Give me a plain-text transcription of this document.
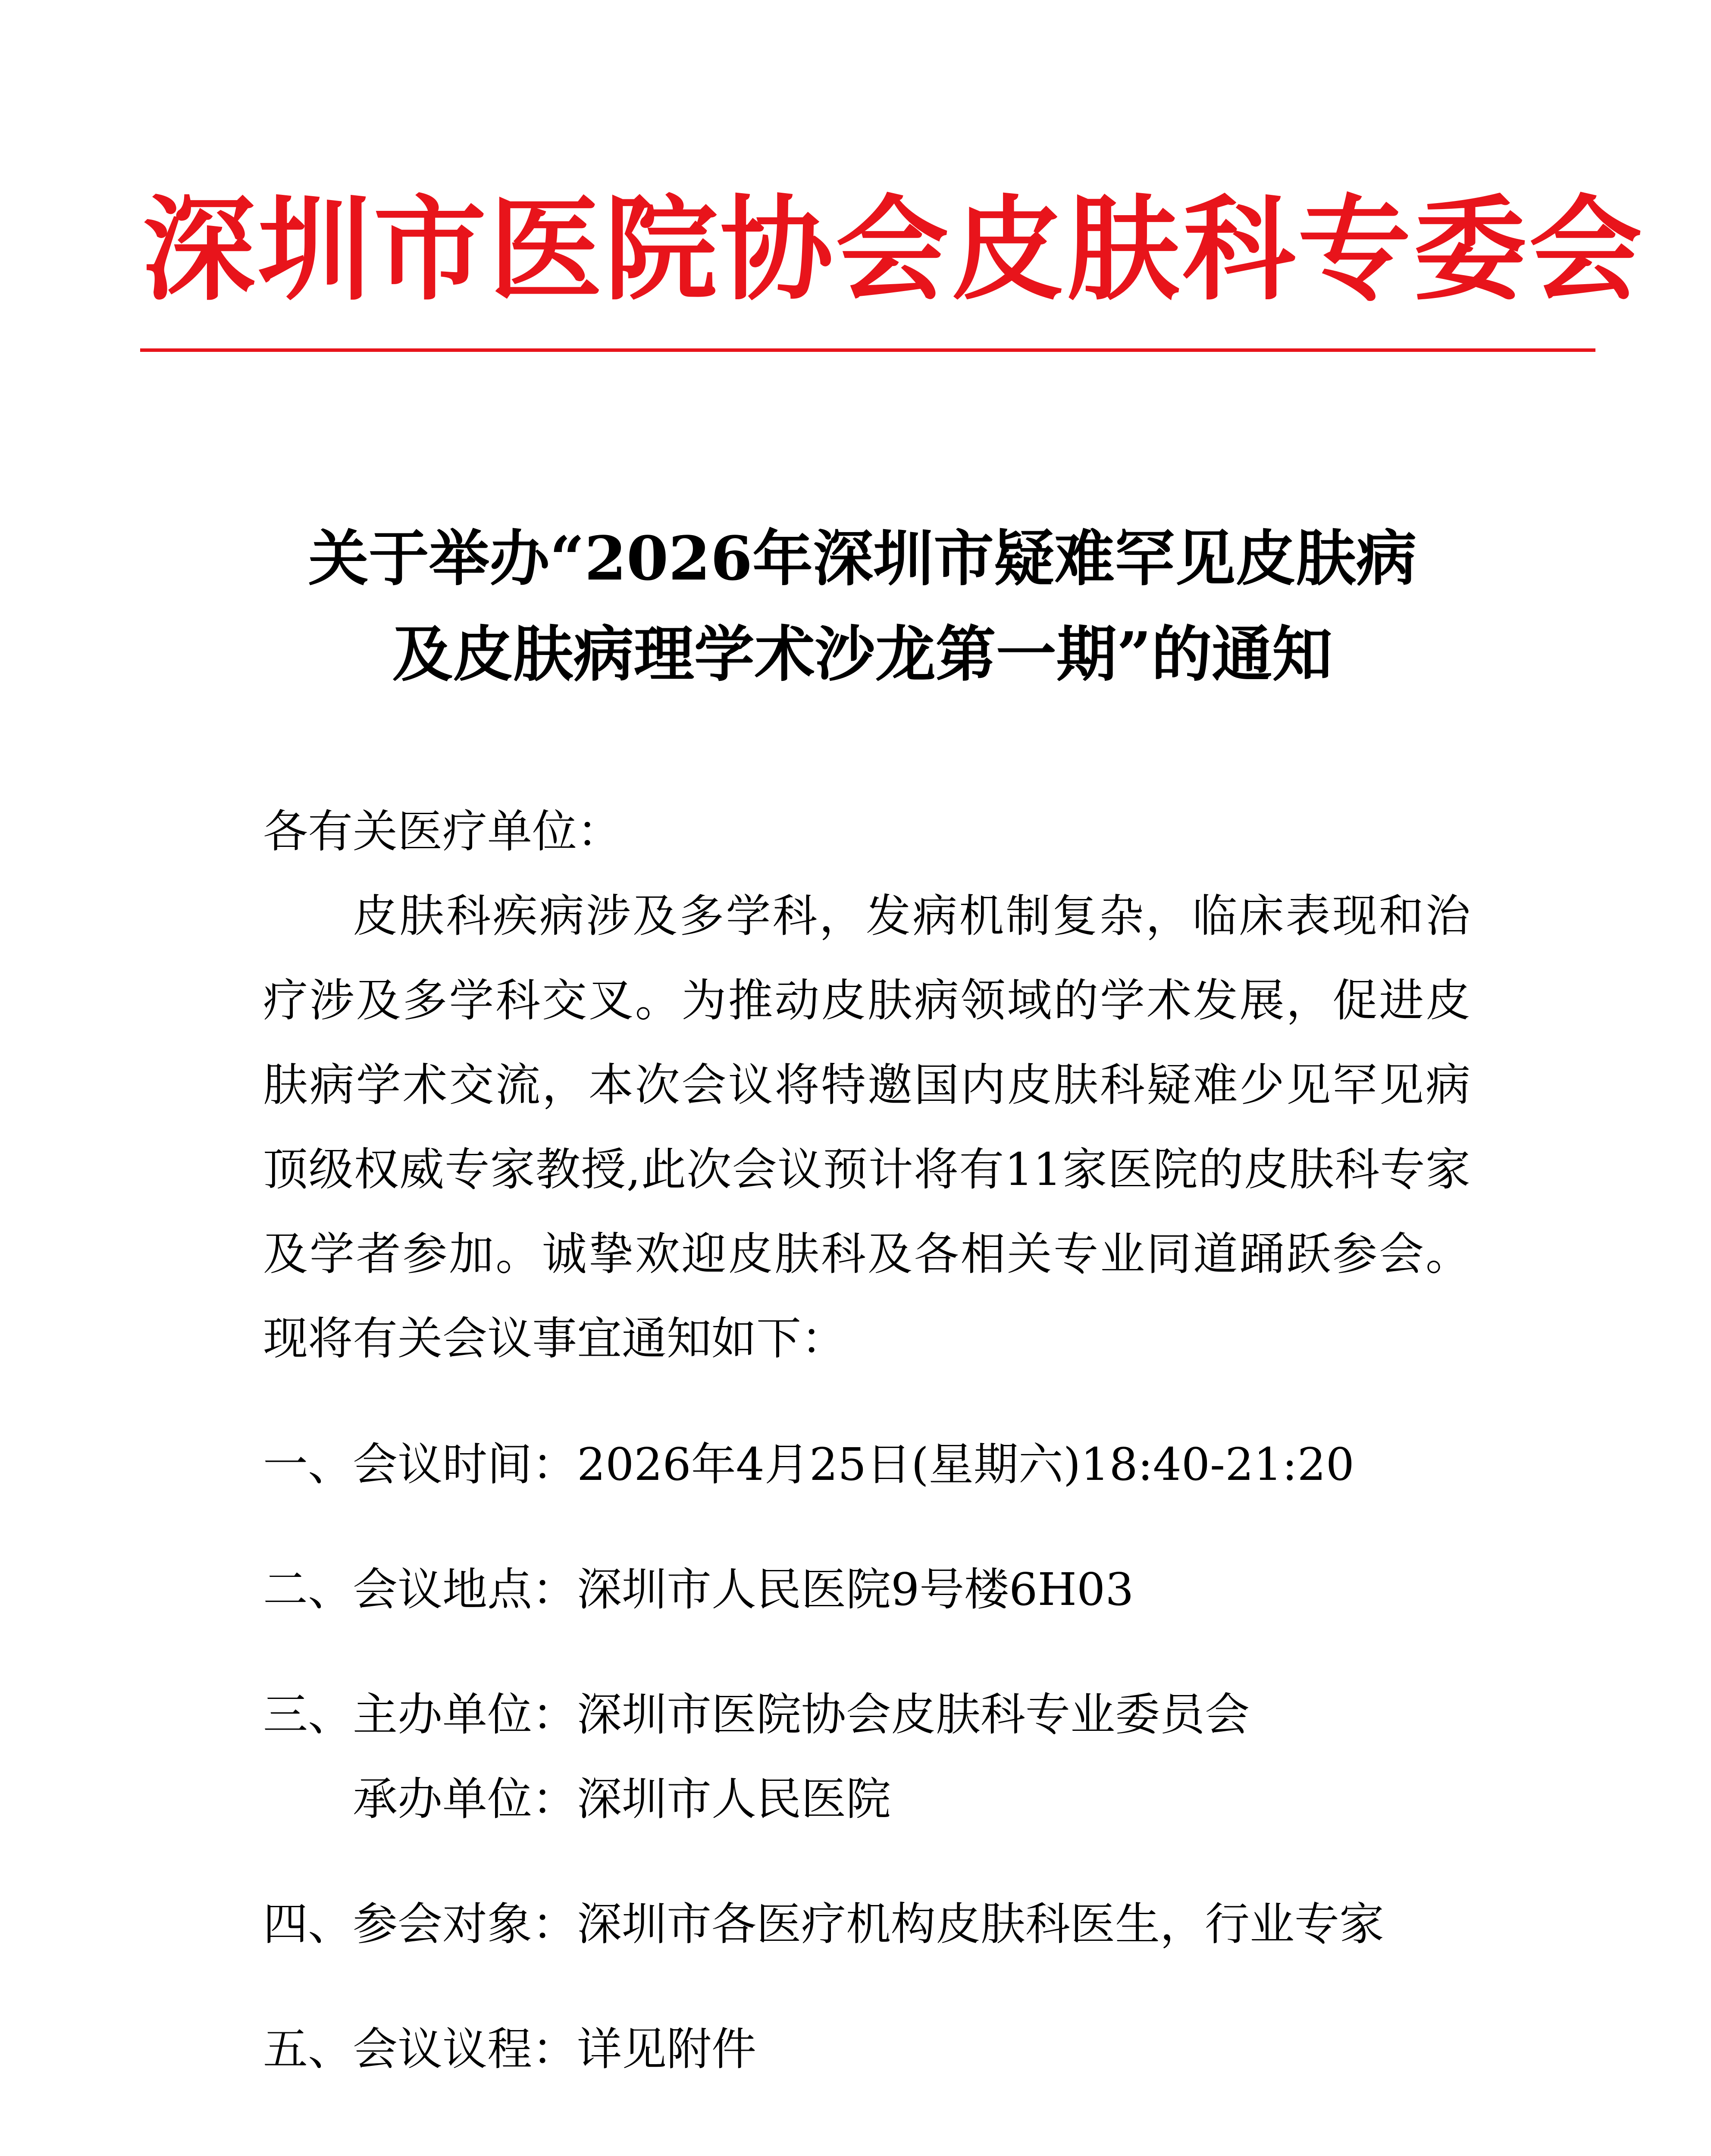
深圳市医院协会皮肤科专委会
关于举办“2026年深圳市疑难罕见皮肤病
及皮肤病理学术沙龙第一期”的通知

各有关医疗单位：

皮肤科疾病涉及多学科，发病机制复杂，临床表现和治疗涉及多学科交叉。为推动皮肤病领域的学术发展，促进皮肤病学术交流，本次会议将特邀国内皮肤科疑难少见罕见病顶级权威专家教授,此次会议预计将有11家医院的皮肤科专家及学者参加。诚挚欢迎皮肤科及各相关专业同道踊跃参会。现将有关会议事宜通知如下：

一、会议时间：2026年4月25日(星期六)18:40-21:20

二、会议地点：深圳市人民医院9号楼6H03

三、主办单位：深圳市医院协会皮肤科专业委员会

承办单位：深圳市人民医院

四、参会对象：深圳市各医疗机构皮肤科医生，行业专家

五、会议议程：详见附件
